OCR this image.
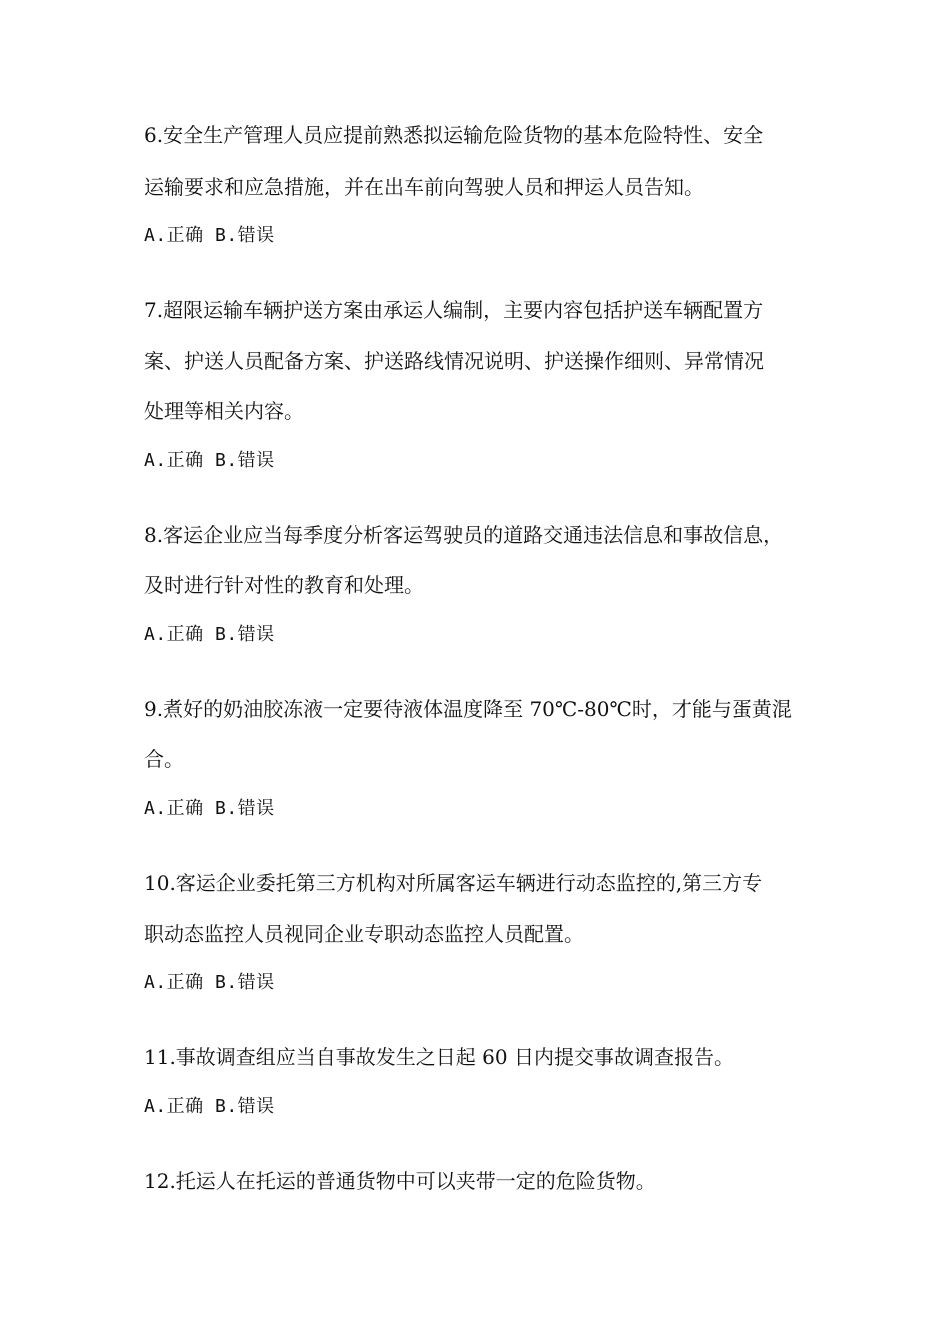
6.安全生产管理人员应提前熟悉拟运输危险货物的基本危险特性、安全
运输要求和应急措施，并在出车前向驾驶人员和押运人员告知。
A.正确 B.错误
7.超限运输车辆护送方案由承运人编制，主要内容包括护送车辆配置方
案、护送人员配备方案、护送路线情况说明、护送操作细则、异常情况
处理等相关内容。
A.正确 B.错误
8.客运企业应当每季度分析客运驾驶员的道路交通违法信息和事故信息，
及时进行针对性的教育和处理。
A.正确 B.错误
9.煮好的奶油胶冻液一定要待液体温度降至 70℃-80℃时，才能与蛋黄混
合。
A.正确 B.错误
10.客运企业委托第三方机构对所属客运车辆进行动态监控的,第三方专
职动态监控人员视同企业专职动态监控人员配置。
A.正确 B.错误
11.事故调查组应当自事故发生之日起 60 日内提交事故调查报告。
A.正确 B.错误
12.托运人在托运的普通货物中可以夹带一定的危险货物。
